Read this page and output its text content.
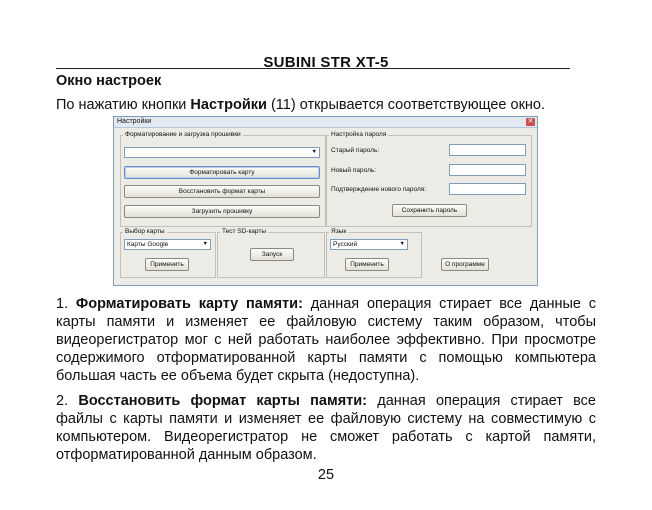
SUBINI STR XT-5
Окно настроек
По нажатию кнопки Настройки (11) открывается соответствующее окно.
Настройки	✕
Форматирование и загрузка прошивки
▼
Форматировать карту
Восстановить формат карты
Загрузить прошивку
Настройка пароля
Старый пароль:
Новый пароль:
Подтверждение нового пароля:
Сохранить пароль
Выбор карты
Карты Google	▼
Применить
Тест SD-карты
Запуск
Язык
Русский	▼
Применить	О программе
1. Форматировать карту памяти: данная операция стирает все данные с карты памяти и изменяет ее файловую систему таким образом, чтобы видеорегистратор мог с ней работать наиболее эффективно. При просмотре содержимого отформатированной карты памяти с помощью компьютера большая часть ее объема будет скрыта (недоступна).
2. Восстановить формат карты памяти: данная операция стирает все файлы с карты памяти и изменяет ее файловую систему на совместимую с компьютером. Видеорегистратор не сможет работать с картой памяти, отформатированной данным образом.
25
